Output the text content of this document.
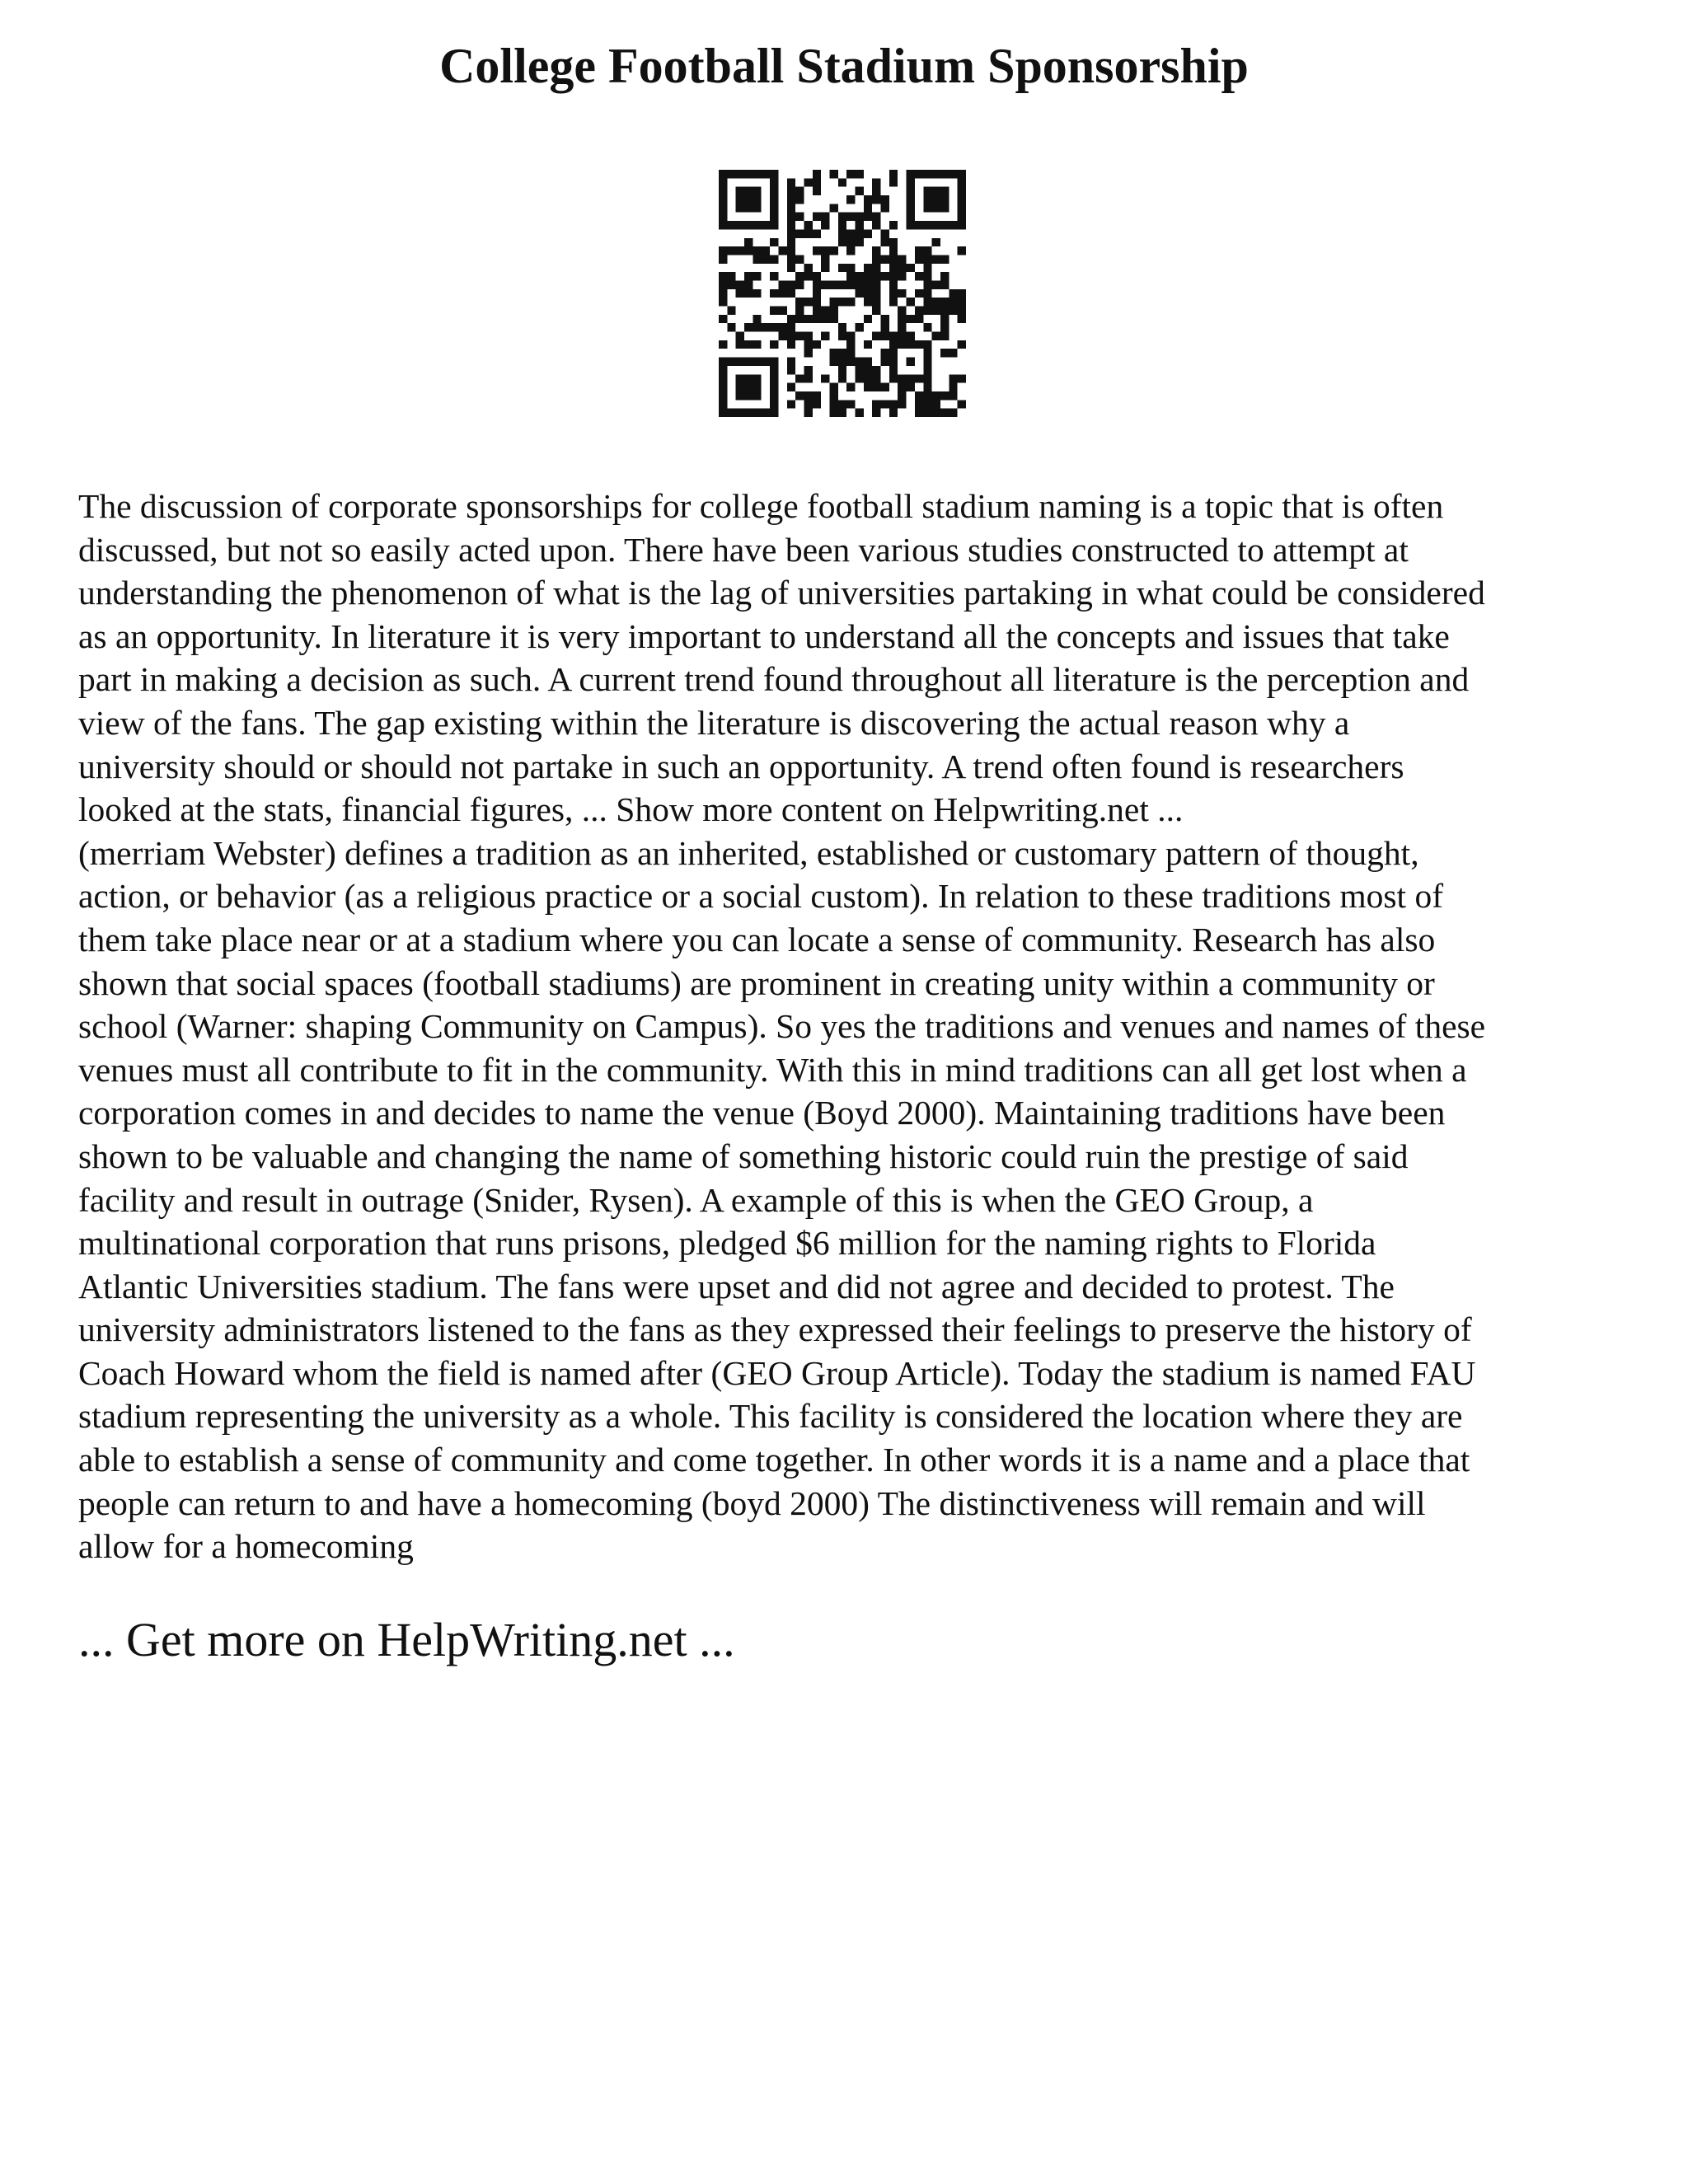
College Football Stadium Sponsorship

The discussion of corporate sponsorships for college football stadium naming is a topic that is often
discussed, but not so easily acted upon. There have been various studies constructed to attempt at
understanding the phenomenon of what is the lag of universities partaking in what could be considered
as an opportunity. In literature it is very important to understand all the concepts and issues that take
part in making a decision as such. A current trend found throughout all literature is the perception and
view of the fans. The gap existing within the literature is discovering the actual reason why a
university should or should not partake in such an opportunity. A trend often found is researchers
looked at the stats, financial figures, ... Show more content on Helpwriting.net ...

(merriam Webster) defines a tradition as an inherited, established or customary pattern of thought,
action, or behavior (as a religious practice or a social custom). In relation to these traditions most of
them take place near or at a stadium where you can locate a sense of community. Research has also
shown that social spaces (football stadiums) are prominent in creating unity within a community or
school (Warner: shaping Community on Campus). So yes the traditions and venues and names of these
venues must all contribute to fit in the community. With this in mind traditions can all get lost when a
corporation comes in and decides to name the venue (Boyd 2000). Maintaining traditions have been
shown to be valuable and changing the name of something historic could ruin the prestige of said
facility and result in outrage (Snider, Rysen). A example of this is when the GEO Group, a
multinational corporation that runs prisons, pledged $6 million for the naming rights to Florida
Atlantic Universities stadium. The fans were upset and did not agree and decided to protest. The
university administrators listened to the fans as they expressed their feelings to preserve the history of
Coach Howard whom the field is named after (GEO Group Article). Today the stadium is named FAU
stadium representing the university as a whole. This facility is considered the location where they are
able to establish a sense of community and come together. In other words it is a name and a place that
people can return to and have a homecoming (boyd 2000) The distinctiveness will remain and will
allow for a homecoming

... Get more on HelpWriting.net ...
